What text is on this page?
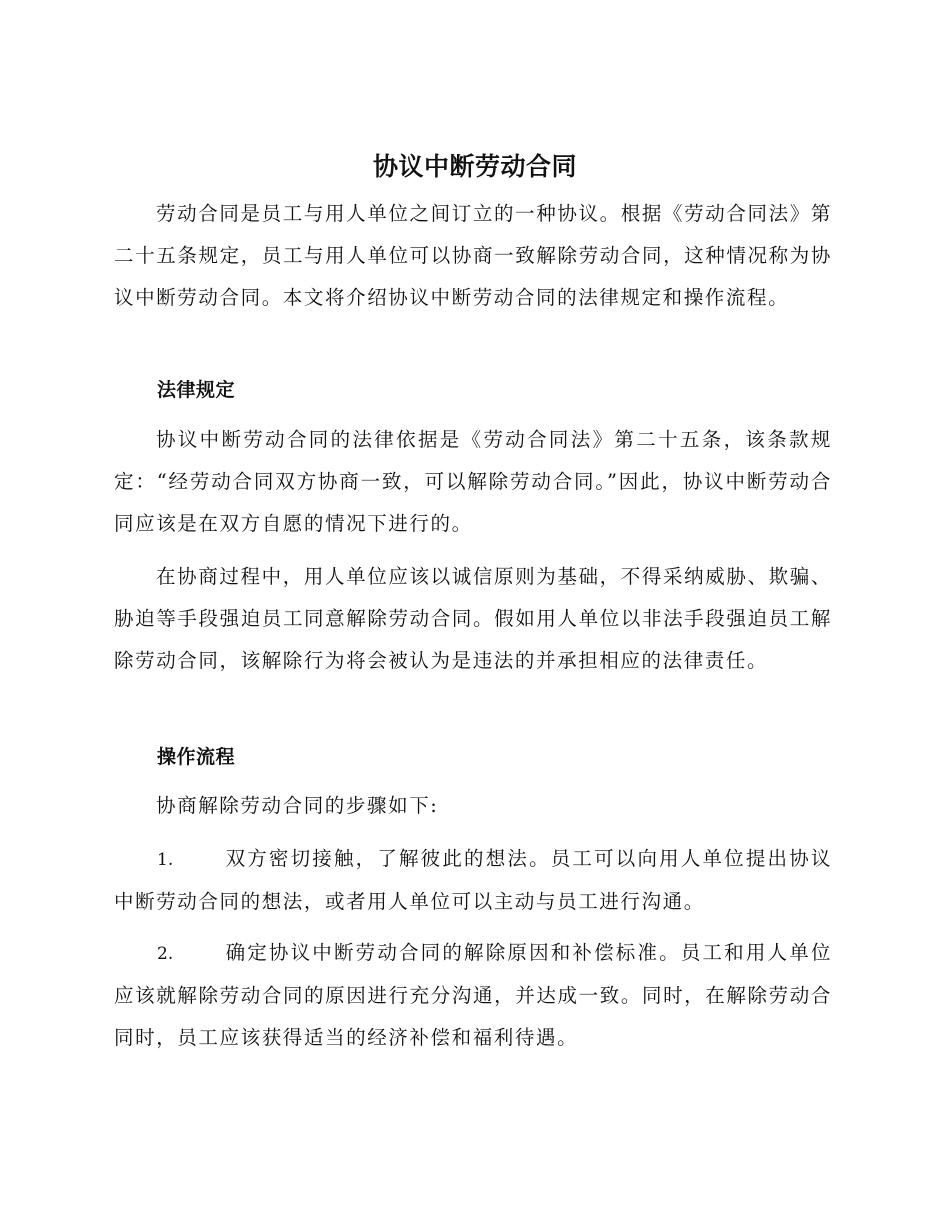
协议中断劳动合同

劳动合同是员工与用人单位之间订立的一种协议。根据《劳动合同法》第二十五条规定，员工与用人单位可以协商一致解除劳动合同，这种情况称为协议中断劳动合同。本文将介绍协议中断劳动合同的法律规定和操作流程。

法律规定

协议中断劳动合同的法律依据是《劳动合同法》第二十五条，该条款规定：“经劳动合同双方协商一致，可以解除劳动合同。”因此，协议中断劳动合同应该是在双方自愿的情况下进行的。

在协商过程中，用人单位应该以诚信原则为基础，不得采纳威胁、欺骗、胁迫等手段强迫员工同意解除劳动合同。假如用人单位以非法手段强迫员工解除劳动合同，该解除行为将会被认为是违法的并承担相应的法律责任。

操作流程

协商解除劳动合同的步骤如下:

1.	双方密切接触，了解彼此的想法。员工可以向用人单位提出协议中断劳动合同的想法，或者用人单位可以主动与员工进行沟通。
2.	确定协议中断劳动合同的解除原因和补偿标准。员工和用人单位应该就解除劳动合同的原因进行充分沟通，并达成一致。同时，在解除劳动合同时，员工应该获得适当的经济补偿和福利待遇。
